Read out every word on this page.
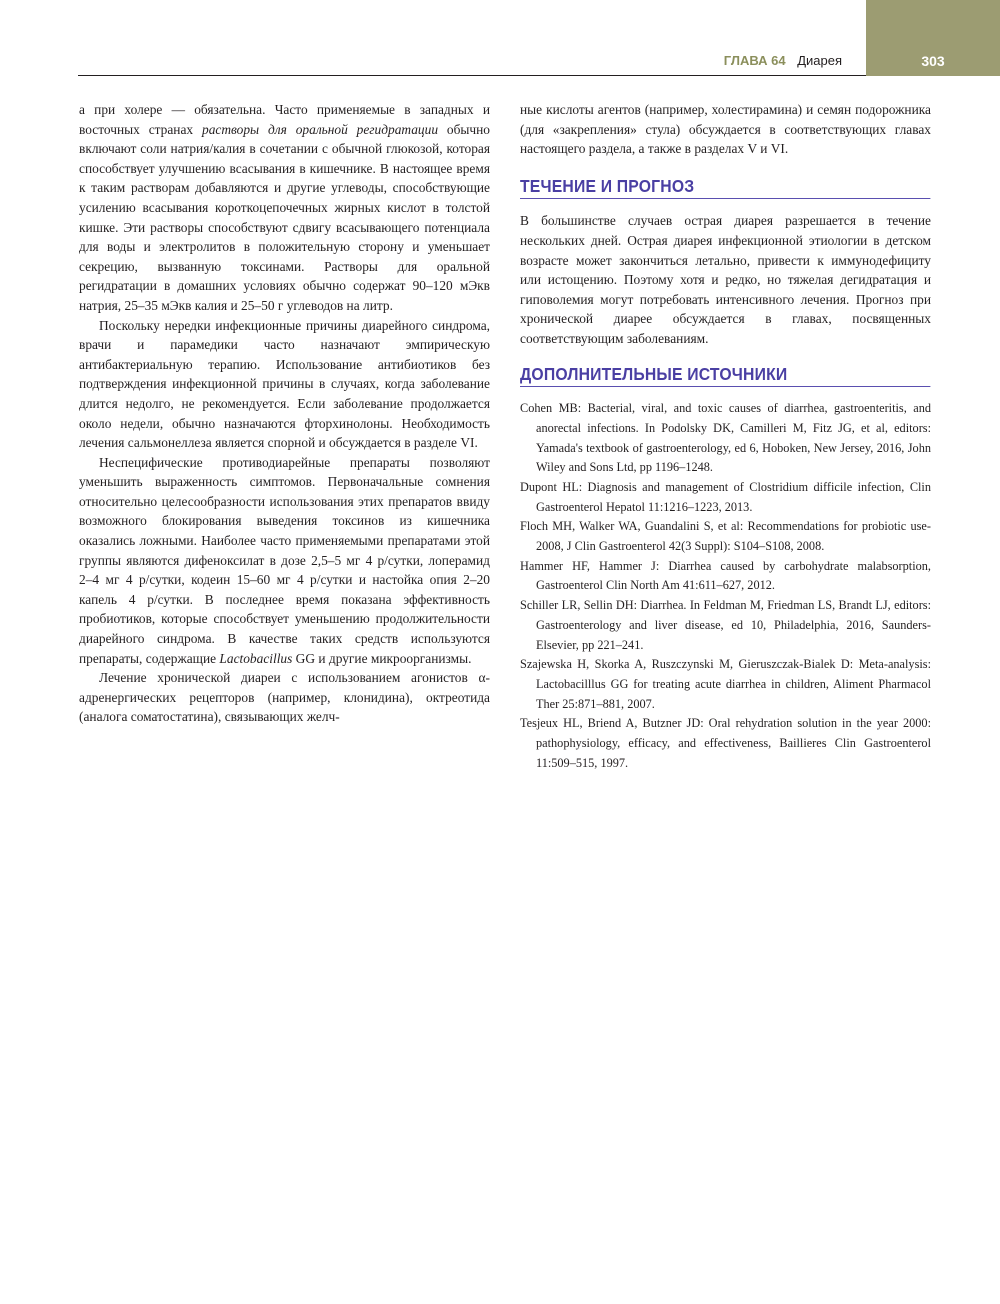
ГЛАВА 64 Диарея	303

а при холере — обязательна. Часто применяемые в западных и восточных странах растворы для оральной регидратации обычно включают соли натрия/калия в сочетании с обычной глюкозой, которая способствует улучшению всасывания в кишечнике. В настоящее время к таким растворам добавляются и другие углеводы, способствующие усилению всасывания короткоцепочечных жирных кислот в толстой кишке. Эти растворы способствуют сдвигу всасывающего потенциала для воды и электролитов в положительную сторону и уменьшает секрецию, вызванную токсинами. Растворы для оральной регидратации в домашних условиях обычно содержат 90–120 мЭкв натрия, 25–35 мЭкв калия и 25–50 г углеводов на литр.

Поскольку нередки инфекционные причины диарейного синдрома, врачи и парамедики часто назначают эмпирическую антибактериальную терапию. Использование антибиотиков без подтверждения инфекционной причины в случаях, когда заболевание длится недолго, не рекомендуется. Если заболевание продолжается около недели, обычно назначаются фторхинолоны. Необходимость лечения сальмонеллеза является спорной и обсуждается в разделе VI.

Неспецифические противодиарейные препараты позволяют уменьшить выраженность симптомов. Первоначальные сомнения относительно целесообразности использования этих препаратов ввиду возможного блокирования выведения токсинов из кишечника оказались ложными. Наиболее часто применяемыми препаратами этой группы являются дифеноксилат в дозе 2,5–5 мг 4 р/сутки, лоперамид 2–4 мг 4 р/сутки, кодеин 15–60 мг 4 р/сутки и настойка опия 2–20 капель 4 р/сутки. В последнее время показана эффективность пробиотиков, которые способствует уменьшению продолжительности диарейного синдрома. В качестве таких средств используются препараты, содержащие Lactobacillus GG и другие микроорганизмы.

Лечение хронической диареи с использованием агонистов α-адренергических рецепторов (например, клонидина), октреотида (аналога соматостатина), связывающих желч-

ные кислоты агентов (например, холестирамина) и семян подорожника (для «закрепления» стула) обсуждается в соответствующих главах настоящего раздела, а также в разделах V и VI.

ТЕЧЕНИЕ И ПРОГНОЗ

В большинстве случаев острая диарея разрешается в течение нескольких дней. Острая диарея инфекционной этиологии в детском возрасте может закончиться летально, привести к иммунодефициту или истощению. Поэтому хотя и редко, но тяжелая дегидратация и гиповолемия могут потребовать интенсивного лечения. Прогноз при хронической диарее обсуждается в главах, посвященных соответствующим заболеваниям.

ДОПОЛНИТЕЛЬНЫЕ ИСТОЧНИКИ

Cohen MB: Bacterial, viral, and toxic causes of diarrhea, gastroenteritis, and anorectal infections. In Podolsky DK, Camilleri M, Fitz JG, et al, editors: Yamada's textbook of gastroenterology, ed 6, Hoboken, New Jersey, 2016, John Wiley and Sons Ltd, pp 1196–1248.

Dupont HL: Diagnosis and management of Clostridium difficile infection, Clin Gastroenterol Hepatol 11:1216–1223, 2013.

Floch MH, Walker WA, Guandalini S, et al: Recommendations for probiotic use-2008, J Clin Gastroenterol 42(3 Suppl): S104–S108, 2008.

Hammer HF, Hammer J: Diarrhea caused by carbohydrate malabsorption, Gastroenterol Clin North Am 41:611–627, 2012.

Schiller LR, Sellin DH: Diarrhea. In Feldman M, Friedman LS, Brandt LJ, editors: Gastroenterology and liver disease, ed 10, Philadelphia, 2016, Saunders-Elsevier, pp 221–241.

Szajewska H, Skorka A, Ruszczynski M, Gieruszczak-Bialek D: Meta-analysis: Lactobacilllus GG for treating acute diarrhea in children, Aliment Pharmacol Ther 25:871–881, 2007.

Tesjeux HL, Briend A, Butzner JD: Oral rehydration solution in the year 2000: pathophysiology, efficacy, and effectiveness, Baillieres Clin Gastroenterol 11:509–515, 1997.
